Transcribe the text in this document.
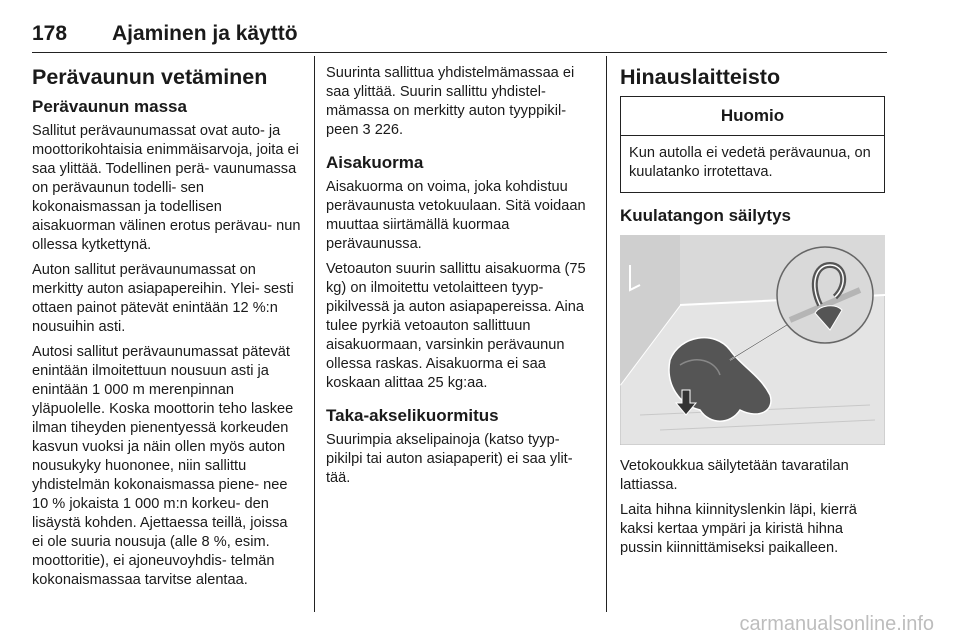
178 Ajaminen ja käyttö
Perävaunun vetäminen
Perävaunun massa

Sallitut perävaunumassat ovat auto- ja moottorikohtaisia enimmäisarvoja, joita ei saa ylittää. Todellinen perä- vaunumassa on perävaunun todelli- sen kokonaismassan ja todellisen aisakuorman välinen erotus perävau- nun ollessa kytkettynä.

Auton sallitut perävaunumassat on merkitty auton asiapapereihin. Ylei- sesti ottaen painot pätevät enintään 12 %:n nousuihin asti.

Autosi sallitut perävaunumassat pätevät enintään ilmoitettuun nousuun asti ja enintään 1 000 m merenpinnan yläpuolelle. Koska moottorin teho laskee ilman tiheyden pienentyessä korkeuden kasvun vuoksi ja näin ollen myös auton nousukyky huononee, niin sallittu yhdistelmän kokonaismassa piene- nee 10 % jokaista 1 000 m:n korkeu- den lisäystä kohden. Ajettaessa teillä, joissa ei ole suuria nousuja (alle 8 %, esim. moottoritie), ei ajoneuvoyhdis- telmän kokonaismassaa tarvitse alentaa.

Suurinta sallittua yhdistelmämassaa ei saa ylittää. Suurin sallittu yhdistel- mämassa on merkitty auton tyyppikil- peen 3 226.

Aisakuorma

Aisakuorma on voima, joka kohdistuu perävaunusta vetokuulaan. Sitä voidaan muuttaa siirtämällä kuormaa perävaunussa.

Vetoauton suurin sallittu aisakuorma (75 kg) on ilmoitettu vetolaitteen tyyp- pikilvessä ja auton asiapapereissa. Aina tulee pyrkiä vetoauton sallittuun aisakuormaan, varsinkin perävaunun ollessa raskas. Aisakuorma ei saa koskaan alittaa 25 kg:aa.

Taka-akselikuormitus

Suurimpia akselipainoja (katso tyyp- pikilpi tai auton asiapaperit) ei saa ylit- tää.

Hinauslaitteisto
Huomio
Kun autolla ei vedetä perävaunua, on kuulatanko irrotettava.
Kuulatangon säilytys

Vetokoukkua säilytetään tavaratilan lattiassa.

Laita hihna kiinnityslenkin läpi, kierrä kaksi kertaa ympäri ja kiristä hihna pussin kiinnittämiseksi paikalleen.

carmanualsonline.info
